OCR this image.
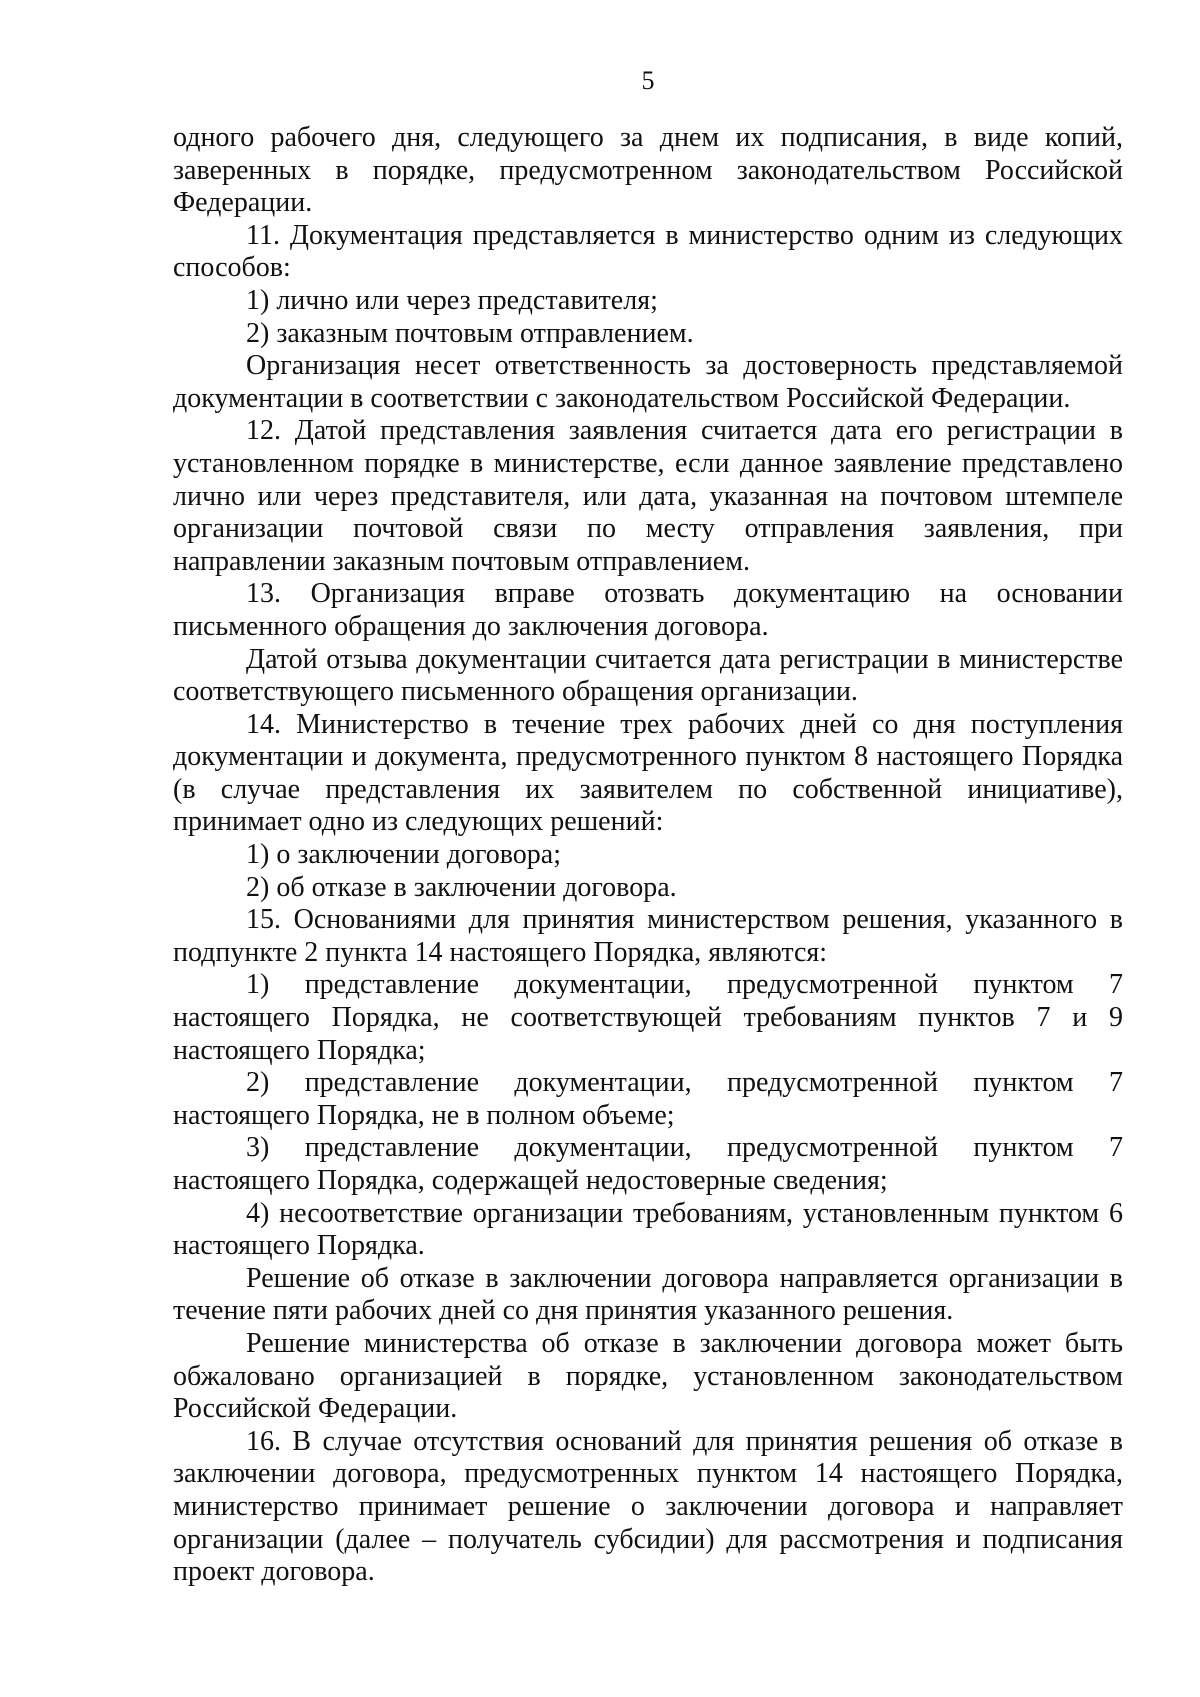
5

одного рабочего дня, следующего за днем их подписания, в виде копий, заверенных в порядке, предусмотренном законодательством Российской Федерации.

11. Документация представляется в министерство одним из следующих способов:

1) лично или через представителя;

2) заказным почтовым отправлением.

Организация несет ответственность за достоверность представляемой документации в соответствии с законодательством Российской Федерации.

12. Датой представления заявления считается дата его регистрации в установленном порядке в министерстве, если данное заявление представлено лично или через представителя, или дата, указанная на почтовом штемпеле организации почтовой связи по месту отправления заявления, при направлении заказным почтовым отправлением.

13. Организация вправе отозвать документацию на основании письменного обращения до заключения договора.

Датой отзыва документации считается дата регистрации в министерстве соответствующего письменного обращения организации.

14. Министерство в течение трех рабочих дней со дня поступления документации и документа, предусмотренного пунктом 8 настоящего Порядка (в случае представления их заявителем по собственной инициативе), принимает одно из следующих решений:

1) о заключении договора;

2) об отказе в заключении договора.

15. Основаниями для принятия министерством решения, указанного в подпункте 2 пункта 14 настоящего Порядка, являются:

1) представление документации, предусмотренной пунктом 7 настоящего Порядка, не соответствующей требованиям пунктов 7 и 9 настоящего Порядка;

2) представление документации, предусмотренной пунктом 7 настоящего Порядка, не в полном объеме;

3) представление документации, предусмотренной пунктом 7 настоящего Порядка, содержащей недостоверные сведения;

4) несоответствие организации требованиям, установленным пунктом 6 настоящего Порядка.

Решение об отказе в заключении договора направляется организации в течение пяти рабочих дней со дня принятия указанного решения.

Решение министерства об отказе в заключении договора может быть обжаловано организацией в порядке, установленном законодательством Российской Федерации.

16. В случае отсутствия оснований для принятия решения об отказе в заключении договора, предусмотренных пунктом 14 настоящего Порядка, министерство принимает решение о заключении договора и направляет организации (далее – получатель субсидии) для рассмотрения и подписания проект договора.
